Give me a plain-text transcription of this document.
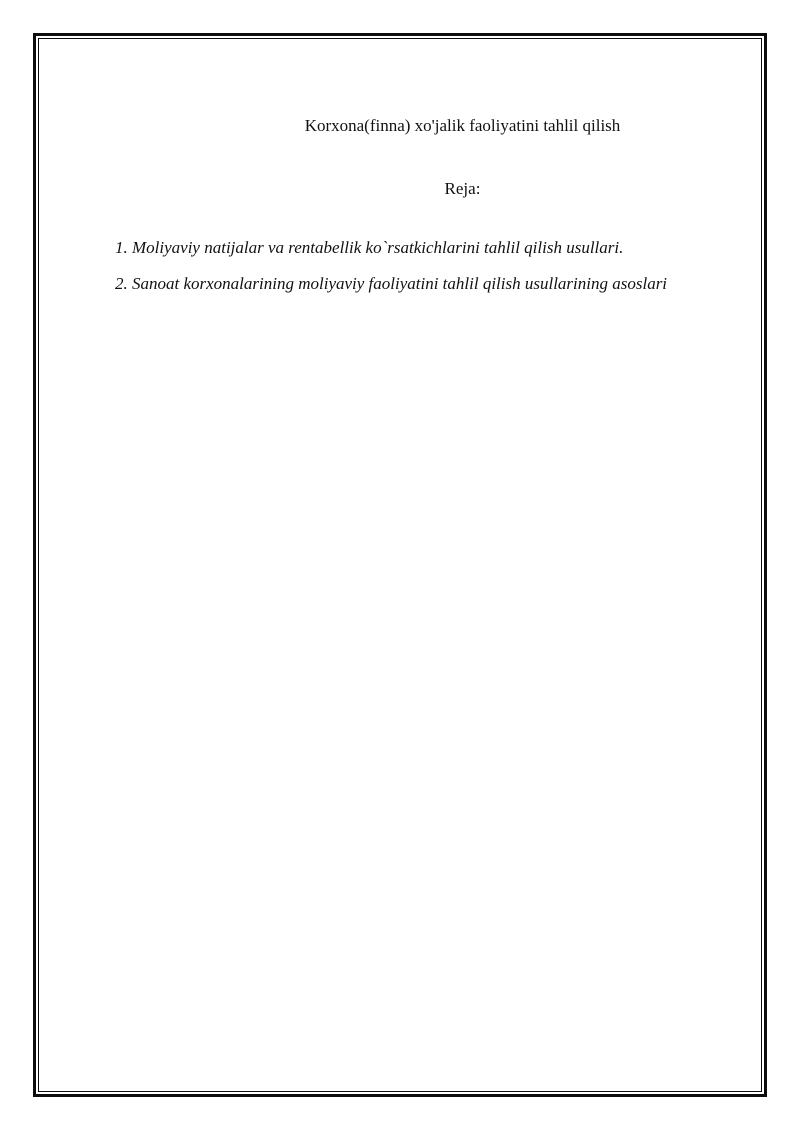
Korxona(finna) xo'jalik faoliyatini tahlil qilish
Reja:
1. Moliyaviy natijalar va rentabellik ko`rsatkichlarini tahlil qilish usullari.
2. Sanoat korxonalarining moliyaviy faoliyatini tahlil qilish usullarining asoslari
